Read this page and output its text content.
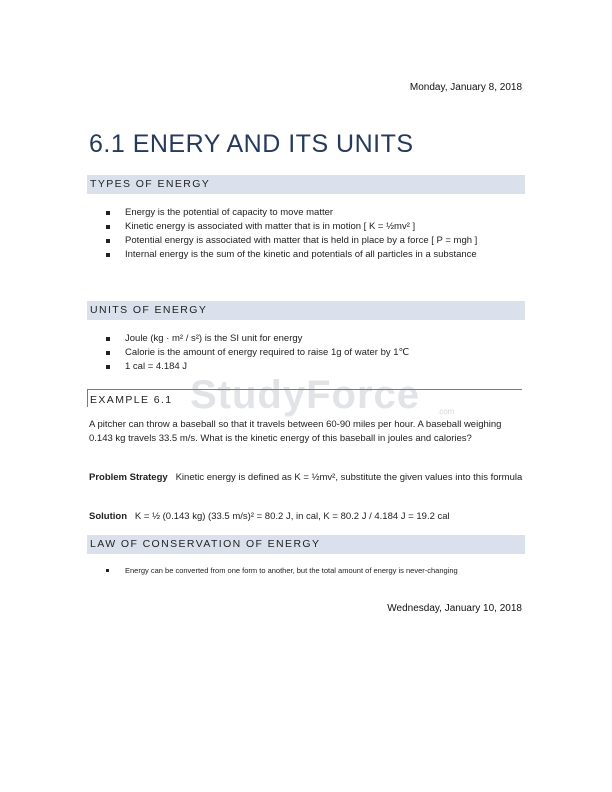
Monday, January 8, 2018
6.1 ENERY AND ITS UNITS
TYPES OF ENERGY
Energy is the potential of capacity to move matter
Kinetic energy is associated with matter that is in motion [ K = ½mv² ]
Potential energy is associated with matter that is held in place by a force [ P = mgh ]
Internal energy is the sum of the kinetic and potentials of all particles in a substance
UNITS OF ENERGY
Joule (kg · m² / s²) is the SI unit for energy
Calorie is the amount of energy required to raise 1g of water by 1℃
1 cal = 4.184 J
StudyForce .com
EXAMPLE 6.1
A pitcher can throw a baseball so that it travels between 60-90 miles per hour. A baseball weighing 0.143 kg travels 33.5 m/s. What is the kinetic energy of this baseball in joules and calories?
Problem Strategy Kinetic energy is defined as K = ½mv², substitute the given values into this formula
Solution K = ½ (0.143 kg) (33.5 m/s)² = 80.2 J, in cal, K = 80.2 J / 4.184 J = 19.2 cal
LAW OF CONSERVATION OF ENERGY
Energy can be converted from one form to another, but the total amount of energy is never-changing
Wednesday, January 10, 2018
